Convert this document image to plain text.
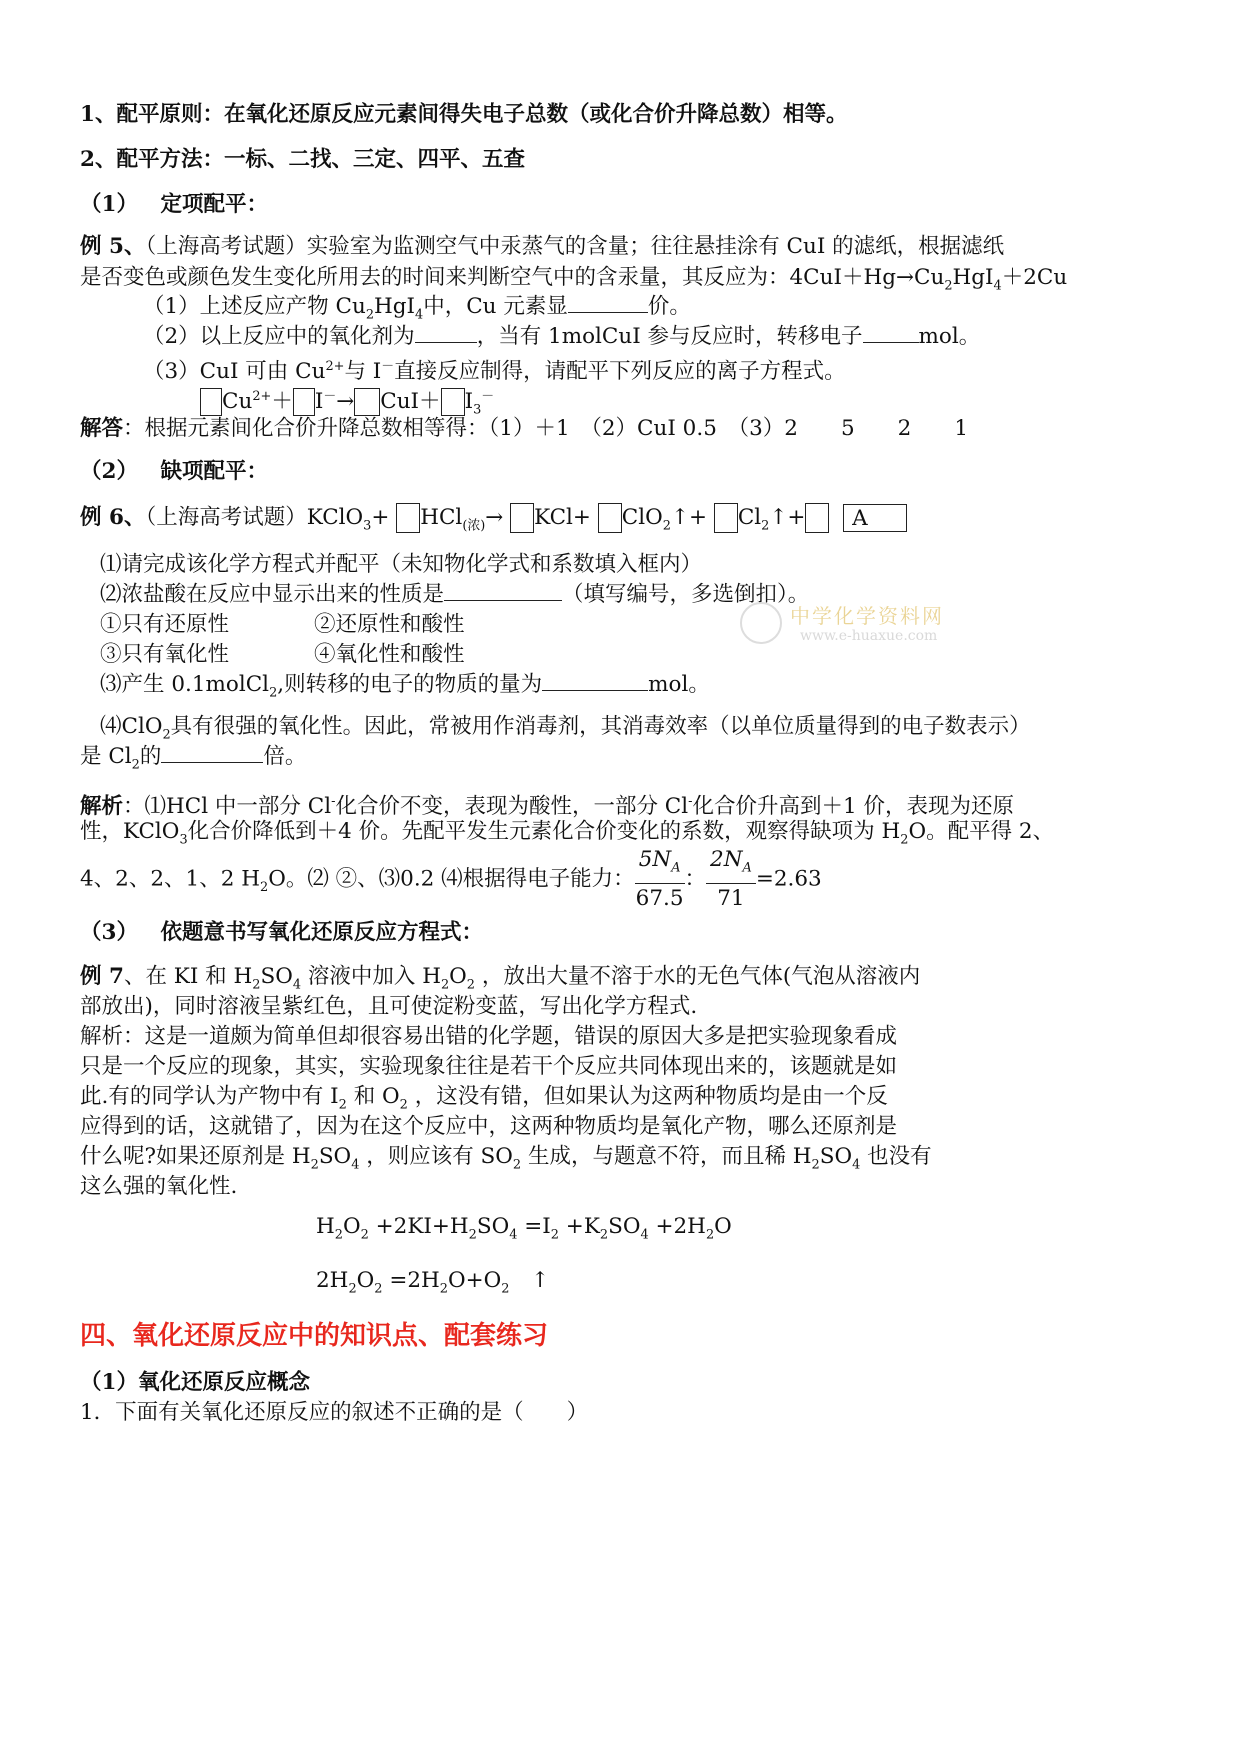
1、配平原则：在氧化还原反应元素间得失电子总数（或化合价升降总数）相等。
2、配平方法：一标、二找、三定、四平、五查
（1） 定项配平：
例 5、（上海高考试题）实验室为监测空气中汞蒸气的含量；往往悬挂涂有 CuI 的滤纸，根据滤纸
是否变色或颜色发生变化所用去的时间来判断空气中的含汞量，其反应为：$4CuI+Hg\to Cu_2HgI_4+2Cu$
（1）上述反应产物 $Cu_2HgI_4$中，Cu 元素显	价。
（2）以上反应中的氧化剂为	，当有 1molCuI 参与反应时，转移电子	mol。
（3）CuI 可由 $Cu^{2+}$与 I－直接反应制得，请配平下列反应的离子方程式。
$Cu^{2+}+ I^-\to CuI+ I_3^-$
解答：根据元素间化合价升降总数相等得：（1）＋1　（2）CuI 0.5　（3）2　　5　　2　　1
（2） 缺项配平：
例 6、（上海高考试题）KClO$_3$+ HCl$_{(浓)}$→ KCl+ ClO$_2$↑+ $Cl_2↑+ A$
⑴请完成该化学方程式并配平（未知物化学式和系数填入框内）
⑵浓盐酸在反应中显示出来的性质是	（填写编号，多选倒扣）。
①只有还原性	②还原性和酸性
③只有氧化性	④氧化性和酸性
⑶产生 0.1molCl$_2$,则转移的电子的物质的量为	mol。
⑷ClO$_2$具有很强的氧化性。因此，常被用作消毒剂，其消毒效率（以单位质量得到的电子数表示）
是 $Cl_2$的	倍。
解析：⑴HCl 中一部分 Cl-化合价不变，表现为酸性，一部分 Cl-化合价升高到＋1 价，表现为还原
性，KClO$_3$化合价降低到＋4 价。先配平发生元素化合价变化的系数，观察得缺项为 $H_2O$。配平得 2、
4、2、2、1、2 $H_2O$。⑵ ②、⑶0.2 ⑷根据得电子能力： $\frac{5N_A}{67.5}$ ： $\frac{2N_A}{71} =2.63$
（3） 依题意书写氧化还原反应方程式：
例 7、在 KI 和 $H_2SO_4$ 溶液中加入 $H_2O_2$ ，放出大量不溶于水的无色气体(气泡从溶液内
部放出)，同时溶液呈紫红色，且可使淀粉变蓝，写出化学方程式.
解析：这是一道颇为简单但却很容易出错的化学题，错误的原因大多是把实验现象看成
只是一个反应的现象，其实，实验现象往往是若干个反应共同体现出来的，该题就是如
此.有的同学认为产物中有 $I_2$ 和 $O_2$ ，这没有错，但如果认为这两种物质均是由一个反
应得到的话，这就错了，因为在这个反应中，这两种物质均是氧化产物，哪么还原剂是
什么呢?如果还原剂是 $H_2SO_4$ ，则应该有 $SO_2$ 生成，与题意不符，而且稀 $H_2SO_4$ 也没有
这么强的氧化性.
$H_2O_2 +2KI+H_2SO_4 =I_2 +K_2SO_4 +2H_2O$
$2H_2O_2 =2H_2O+O_2$　↑
四、氧化还原反应中的知识点、配套练习
（1）氧化还原反应概念
1．下面有关氧化还原反应的叙述不正确的是（　　）
中学化学资料网
www.e-huaxue.com
